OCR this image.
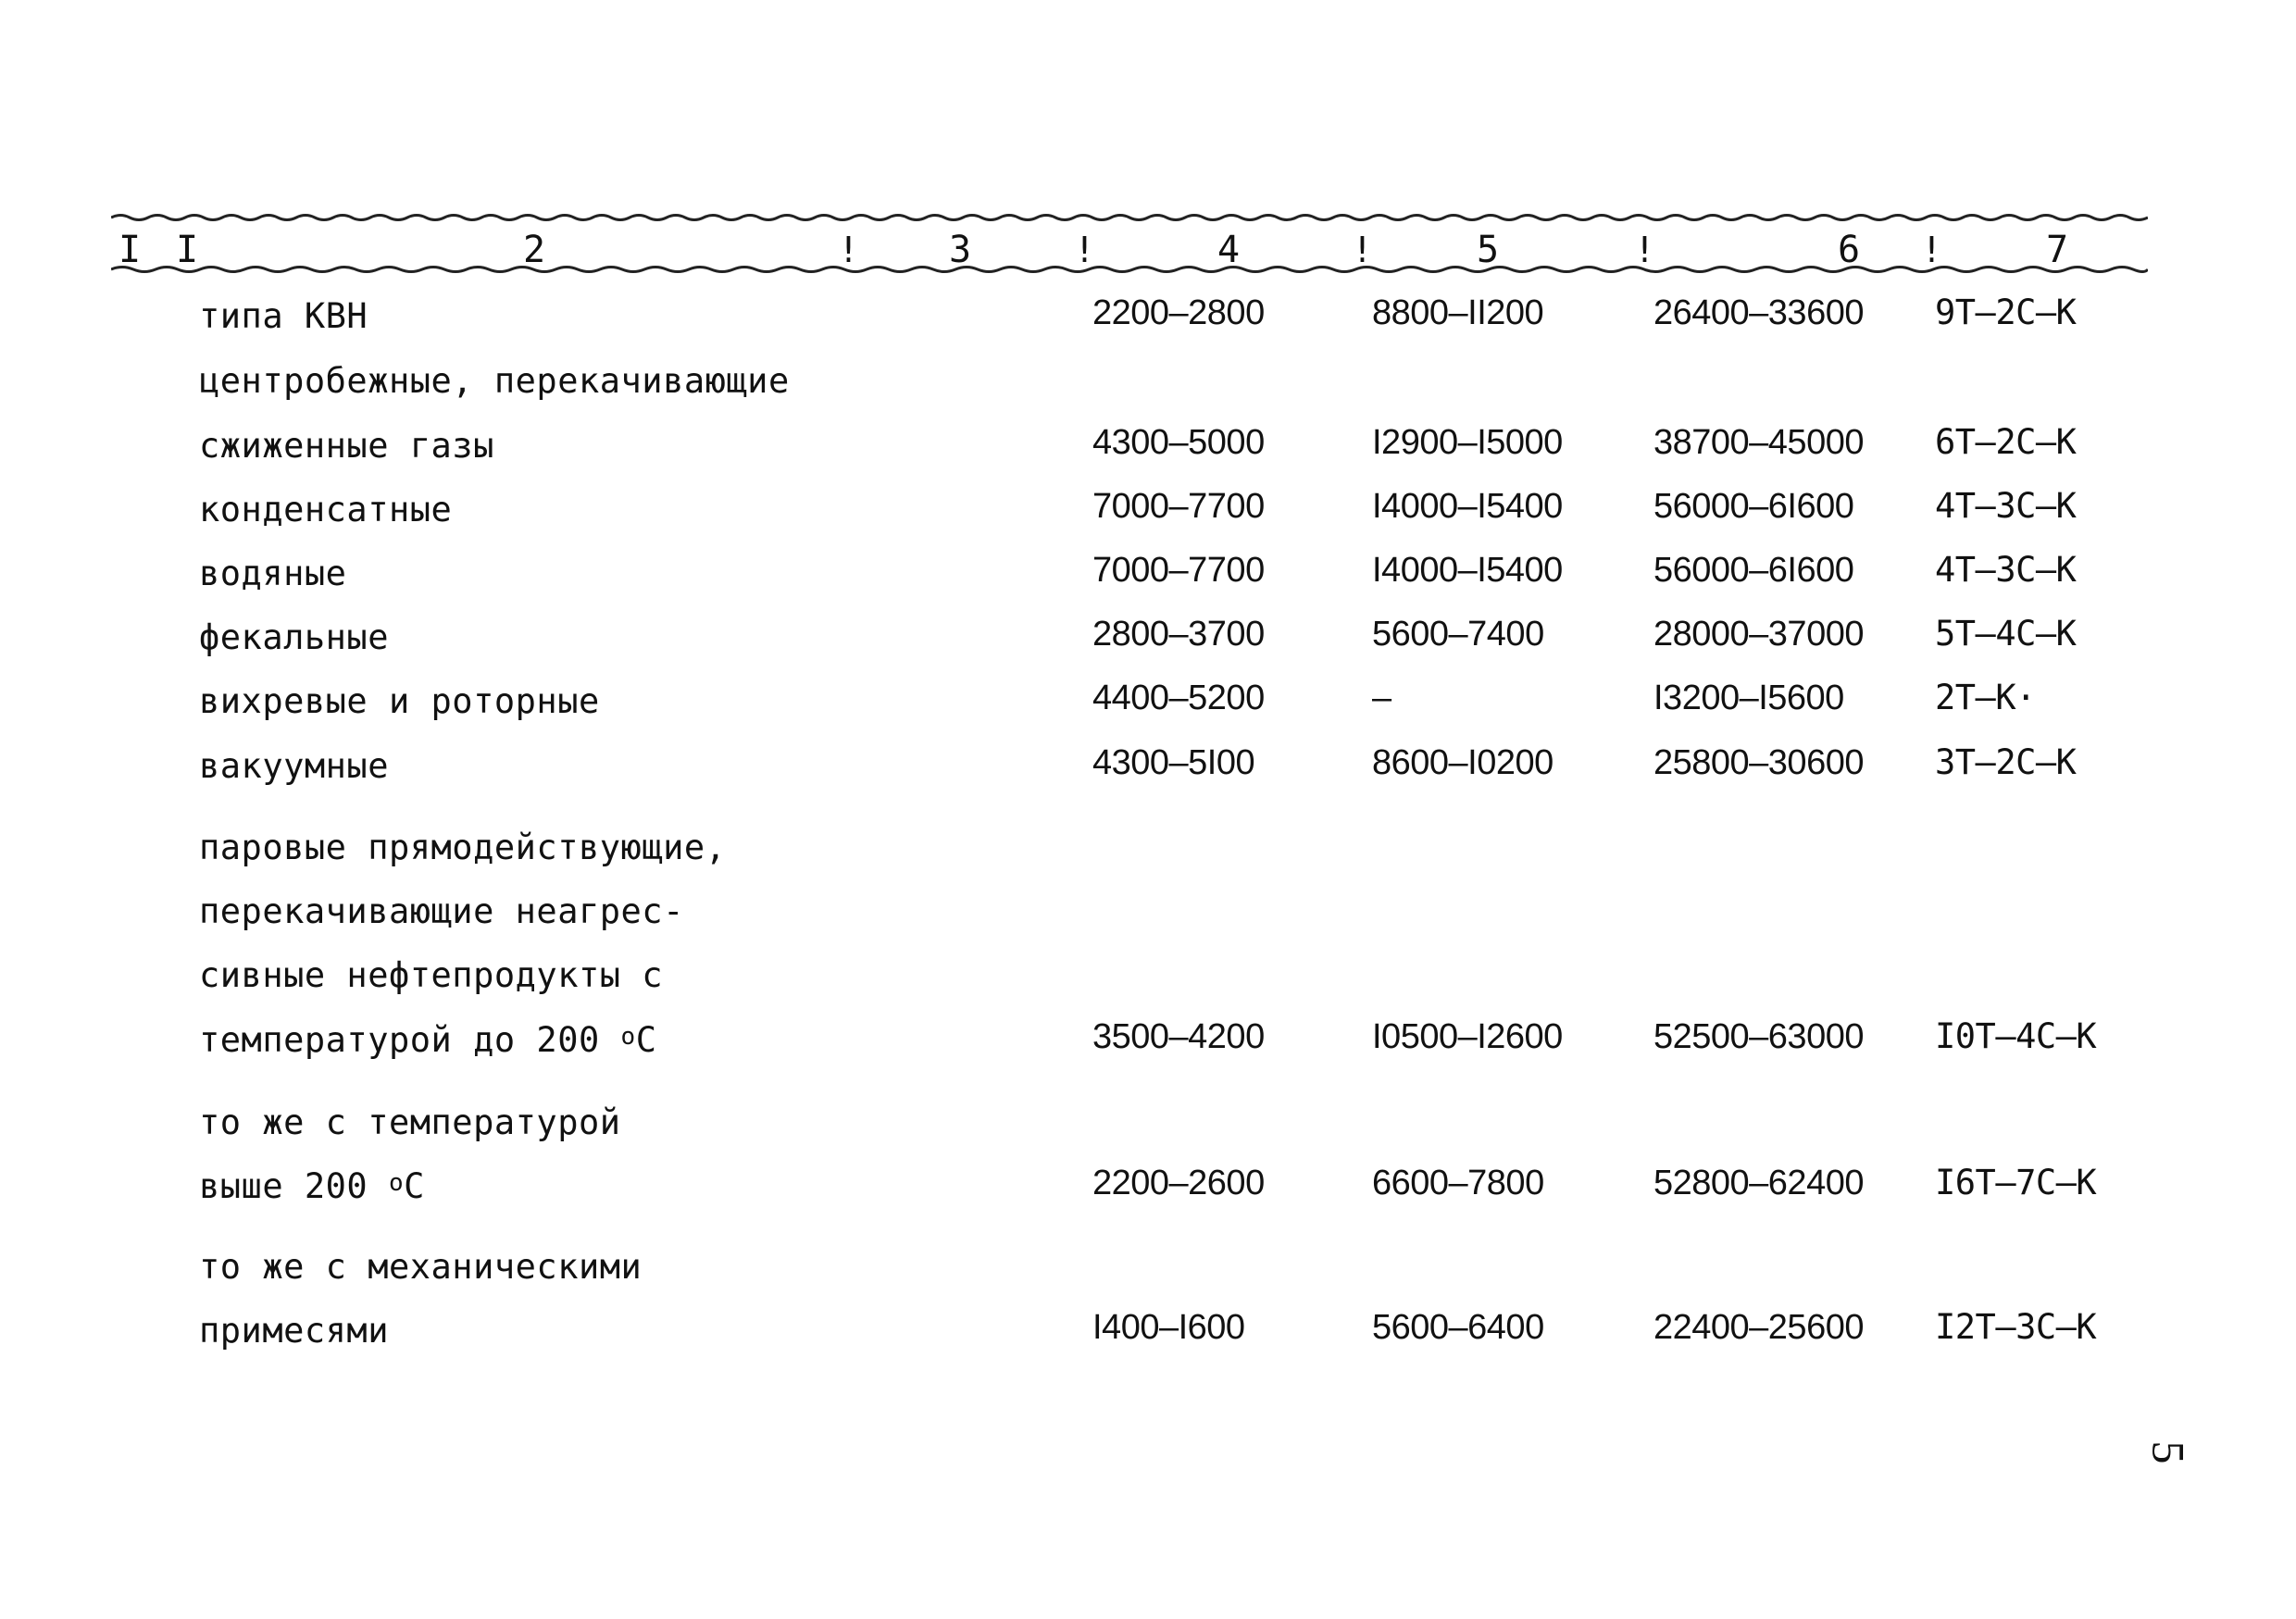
I I	2	! 3	!	4	!	5	!	6 !	7
типа КВН	2200–2800	8800–II200	26400–33600 9Т–2С–К
центробежные, перекачивающие
сжиженные газы	4300–5000	I2900–I5000	38700–45000 6Т–2С–К
конденсатные	7000–7700	I4000–I5400	56000–6I600 4Т–3С–К
водяные	7000–7700	I4000–I5400	56000–6I600 4Т–3С–К
фекальные	2800–3700	5600–7400	28000–37000 5Т–4С–К
вихревые и роторные	4400–5200	–	I3200–I5600	2Т–К·
вакуумные	4300–5I00	8600–I0200	25800–30600 3Т–2С–К
паровые прямодействующие,
перекачивающие неагрес-
сивные нефтепродукты с
температурой до 200 $^о$С	3500–4200	I0500–I2600	52500–63000 I0Т–4С–К
то же с температурой
выше 200 $^о$С	2200–2600	6600–7800	52800–62400 I6Т–7С–К
то же с механическими
примесями	I400–I600	5600–6400	22400–25600 I2Т–3С–К
5
